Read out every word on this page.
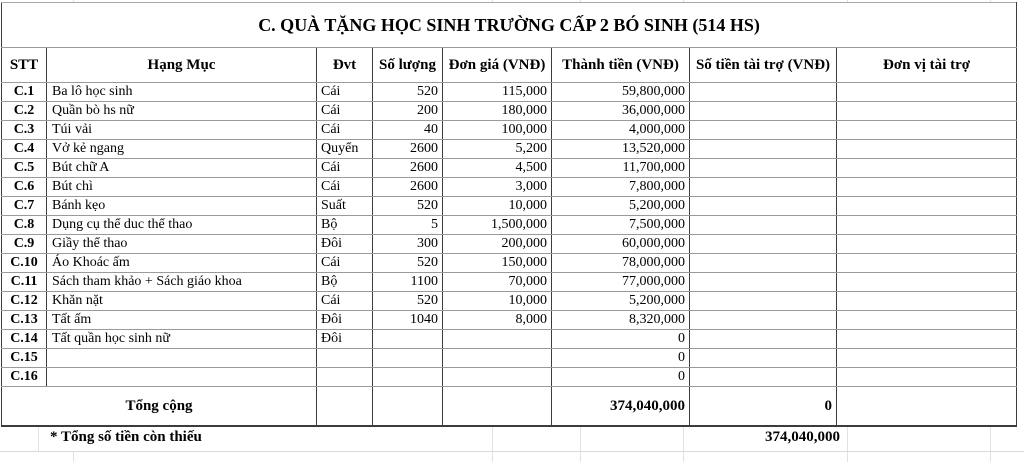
C. QUÀ TẶNG HỌC SINH TRƯỜNG CẤP 2 BÓ SINH (514 HS)							
STT	Hạng Mục	Đvt	Số lượng	Đơn giá (VNĐ)	Thành tiền (VNĐ)	Số tiền tài trợ (VNĐ)	Đơn vị tài trợ
C.1	Ba lô học sinh	Cái	520	115,000	59,800,000		
C.2	Quần bò hs nữ	Cái	200	180,000	36,000,000		
C.3	Túi vải	Cái	40	100,000	4,000,000		
C.4	Vở kẻ ngang	Quyển	2600	5,200	13,520,000		
C.5	Bút chữ A	Cái	2600	4,500	11,700,000		
C.6	Bút chì	Cái	2600	3,000	7,800,000		
C.7	Bánh kẹo	Suất	520	10,000	5,200,000		
C.8	Dụng cụ thể duc thể thao	Bộ	5	1,500,000	7,500,000		
C.9	Giầy thể thao	Đôi	300	200,000	60,000,000		
C.10	Áo Khoác ấm	Cái	520	150,000	78,000,000		
C.11	Sách tham khảo + Sách giáo khoa	Bộ	1100	70,000	77,000,000		
C.12	Khăn nặt	Cái	520	10,000	5,200,000		
C.13	Tất ấm	Đôi	1040	8,000	8,320,000		
C.14	Tất quần học sinh nữ	Đôi			0		
C.15					0		
C.16					0		
Tổng cộng					374,040,000	0	
* Tổng số tiền còn thiếu	374,040,000
